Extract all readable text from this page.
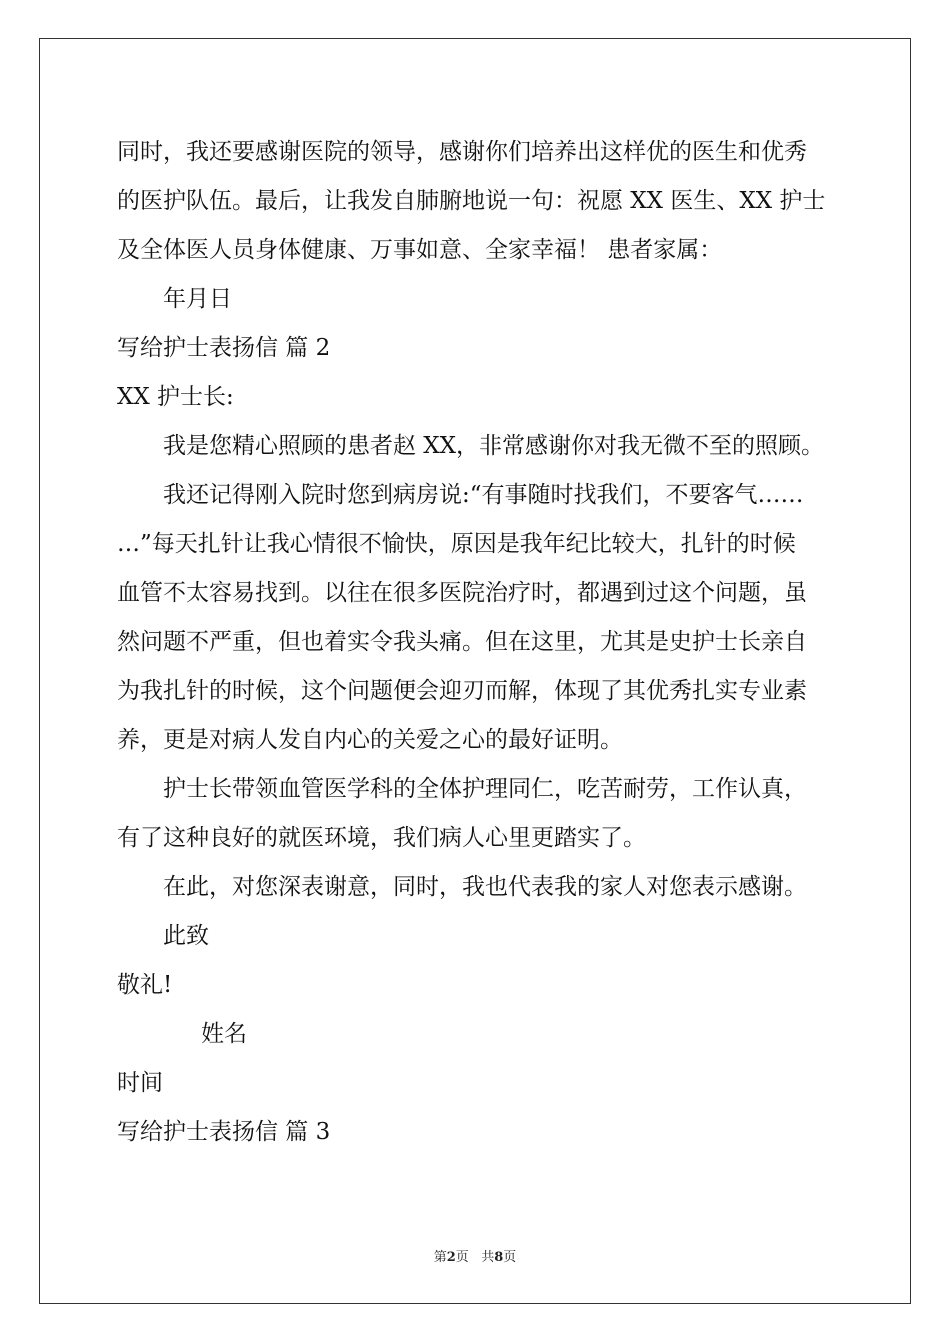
同时，我还要感谢医院的领导，感谢你们培养出这样优的医生和优秀
的医护队伍。最后，让我发自肺腑地说一句：祝愿 XX 医生、XX 护士
及全体医人员身体健康、万事如意、全家幸福！ 患者家属：
年月日
写给护士表扬信 篇 2
XX 护士长:
我是您精心照顾的患者赵 XX，非常感谢你对我无微不至的照顾。
我还记得刚入院时您到病房说:“有事随时找我们，不要客气……
…”每天扎针让我心情很不愉快，原因是我年纪比较大，扎针的时候
血管不太容易找到。以往在很多医院治疗时，都遇到过这个问题，虽
然问题不严重，但也着实令我头痛。但在这里，尤其是史护士长亲自
为我扎针的时候，这个问题便会迎刃而解，体现了其优秀扎实专业素
养，更是对病人发自内心的关爱之心的最好证明。
护士长带领血管医学科的全体护理同仁，吃苦耐劳，工作认真，
有了这种良好的就医环境，我们病人心里更踏实了。
在此，对您深表谢意，同时，我也代表我的家人对您表示感谢。
此致
敬礼!
姓名
时间
写给护士表扬信 篇 3
第2页 共8页
